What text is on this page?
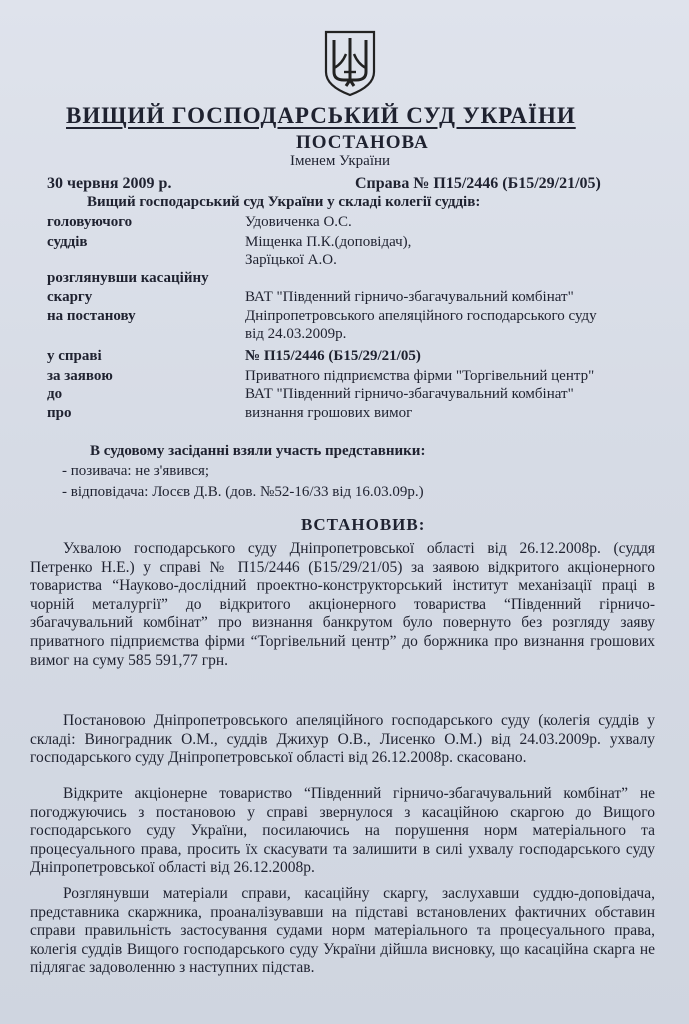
ВИЩИЙ ГОСПОДАРСЬКИЙ СУД УКРАЇНИ
ПОСТАНОВА
Іменем України
30 червня 2009 р.	Справа № П15/2446 (Б15/29/21/05)
Вищий господарський суд України у складі колегії суддів:
головуючого	Удовиченка О.С.
суддів	Міщенка П.К.(доповідач),
Зарїцької А.О.
розглянувши касаційну
скаргу	ВАТ "Південний гірничо-збагачувальний комбінат"
на постанову	Дніпропетровського апеляційного господарського суду
від 24.03.2009р.
у справі	№ П15/2446 (Б15/29/21/05)
за заявою	Приватного підприємства фірми "Торгівельний центр"
до	ВАТ "Південний гірничо-збагачувальний комбінат"
про	визнання грошових вимог
В судовому засіданні взяли участь представники:
- позивача: не з'явився;
- відповідача: Лосєв Д.В. (дов. №52-16/33 від 16.03.09р.)
ВСТАНОВИВ:

Ухвалою господарського суду Дніпропетровської області від 26.12.2008р. (суддя Петренко Н.Е.) у справі № П15/2446 (Б15/29/21/05) за заявою відкритого акціонерного товариства “Науково-дослідний проектно-конструкторський інститут механізації праці в чорній металургії” до відкритого акціонерного товариства “Південний гірничо-збагачувальний комбінат” про визнання банкрутом було повернуто без розгляду заяву приватного підприємства фірми “Торгівельний центр” до боржника про визнання грошових вимог на суму 585 591,77 грн.

Постановою Дніпропетровського апеляційного господарського суду (колегія суддів у складі: Виноградник О.М., суддів Джихур О.В., Лисенко О.М.) від 24.03.2009р. ухвалу господарського суду Дніпропетровської області від 26.12.2008р. скасовано.

Відкрите акціонерне товариство “Південний гірничо-збагачувальний комбінат” не погоджуючись з постановою у справі звернулося з касаційною скаргою до Вищого господарського суду України, посилаючись на порушення норм матеріального та процесуального права, просить їх скасувати та залишити в силі ухвалу господарського суду Дніпропетровської області від 26.12.2008р.

Розглянувши матеріали справи, касаційну скаргу, заслухавши суддю-доповідача, представника скаржника, проаналізувавши на підставі встановлених фактичних обставин справи правильність застосування судами норм матеріального та процесуального права, колегія суддів Вищого господарського суду України дійшла висновку, що касаційна скарга не підлягає задоволенню з наступних підстав.
